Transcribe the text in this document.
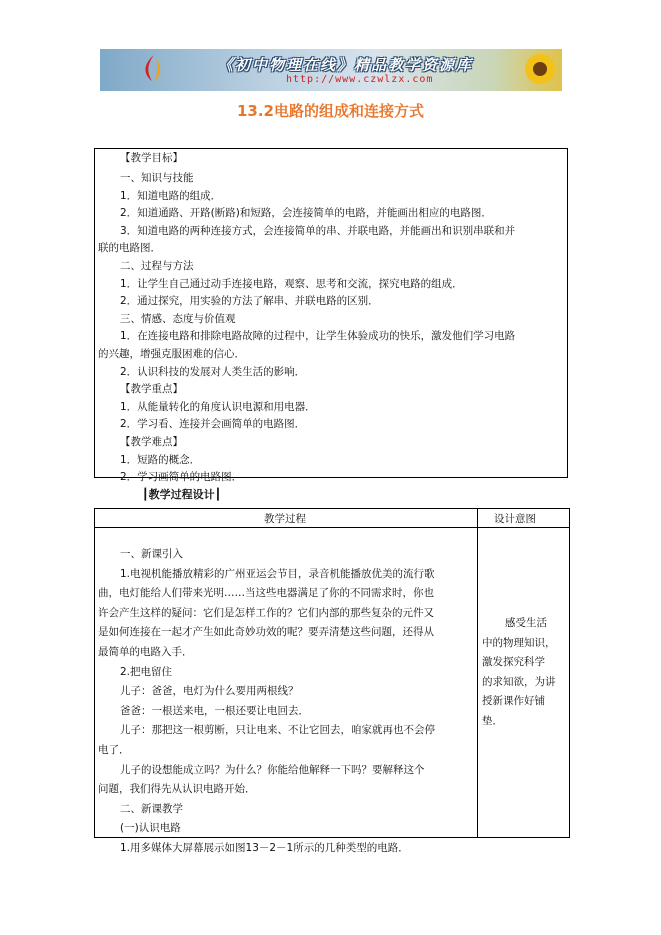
《初中物理在线》精品教学资源库
http://www.czwlzx.com
13.2电路的组成和连接方式
【教学目标】
一、知识与技能
1．知道电路的组成．
2．知道通路、开路(断路)和短路，会连接简单的电路，并能画出相应的电路图．
3．知道电路的两种连接方式，会连接简单的串、并联电路，并能画出和识别串联和并
联的电路图．
二、过程与方法
1．让学生自己通过动手连接电路，观察、思考和交流，探究电路的组成．
2．通过探究，用实验的方法了解串、并联电路的区别．
三、情感、态度与价值观
1．在连接电路和排除电路故障的过程中，让学生体验成功的快乐，激发他们学习电路
的兴趣，增强克服困难的信心．
2．认识科技的发展对人类生活的影响．
【教学重点】
1．从能量转化的角度认识电源和用电器．
2．学习看、连接并会画简单的电路图．
【教学难点】
1．短路的概念．
2．学习画简单的电路图．
┃教学过程设计┃
教学过程	设计意图
一、新课引入
1.电视机能播放精彩的广州亚运会节目，录音机能播放优美的流行歌
曲，电灯能给人们带来光明……当这些电器满足了你的不同需求时，你也
许会产生这样的疑问：它们是怎样工作的？它们内部的那些复杂的元件又
是如何连接在一起才产生如此奇妙功效的呢？要弄清楚这些问题，还得从
最简单的电路入手．
2.把电留住
儿子：爸爸，电灯为什么要用两根线？
爸爸：一根送来电，一根还要让电回去．
儿子：那把这一根剪断，只让电来、不让它回去，咱家就再也不会停
电了．
儿子的设想能成立吗？为什么？你能给他解释一下吗？要解释这个
问题，我们得先从认识电路开始．
二、新课教学
(一)认识电路
1.用多媒体大屏幕展示如图13－2－1所示的几种类型的电路．
感受生活
中的物理知识，
激发探究科学
的求知欲，为讲
授新课作好铺
垫．
